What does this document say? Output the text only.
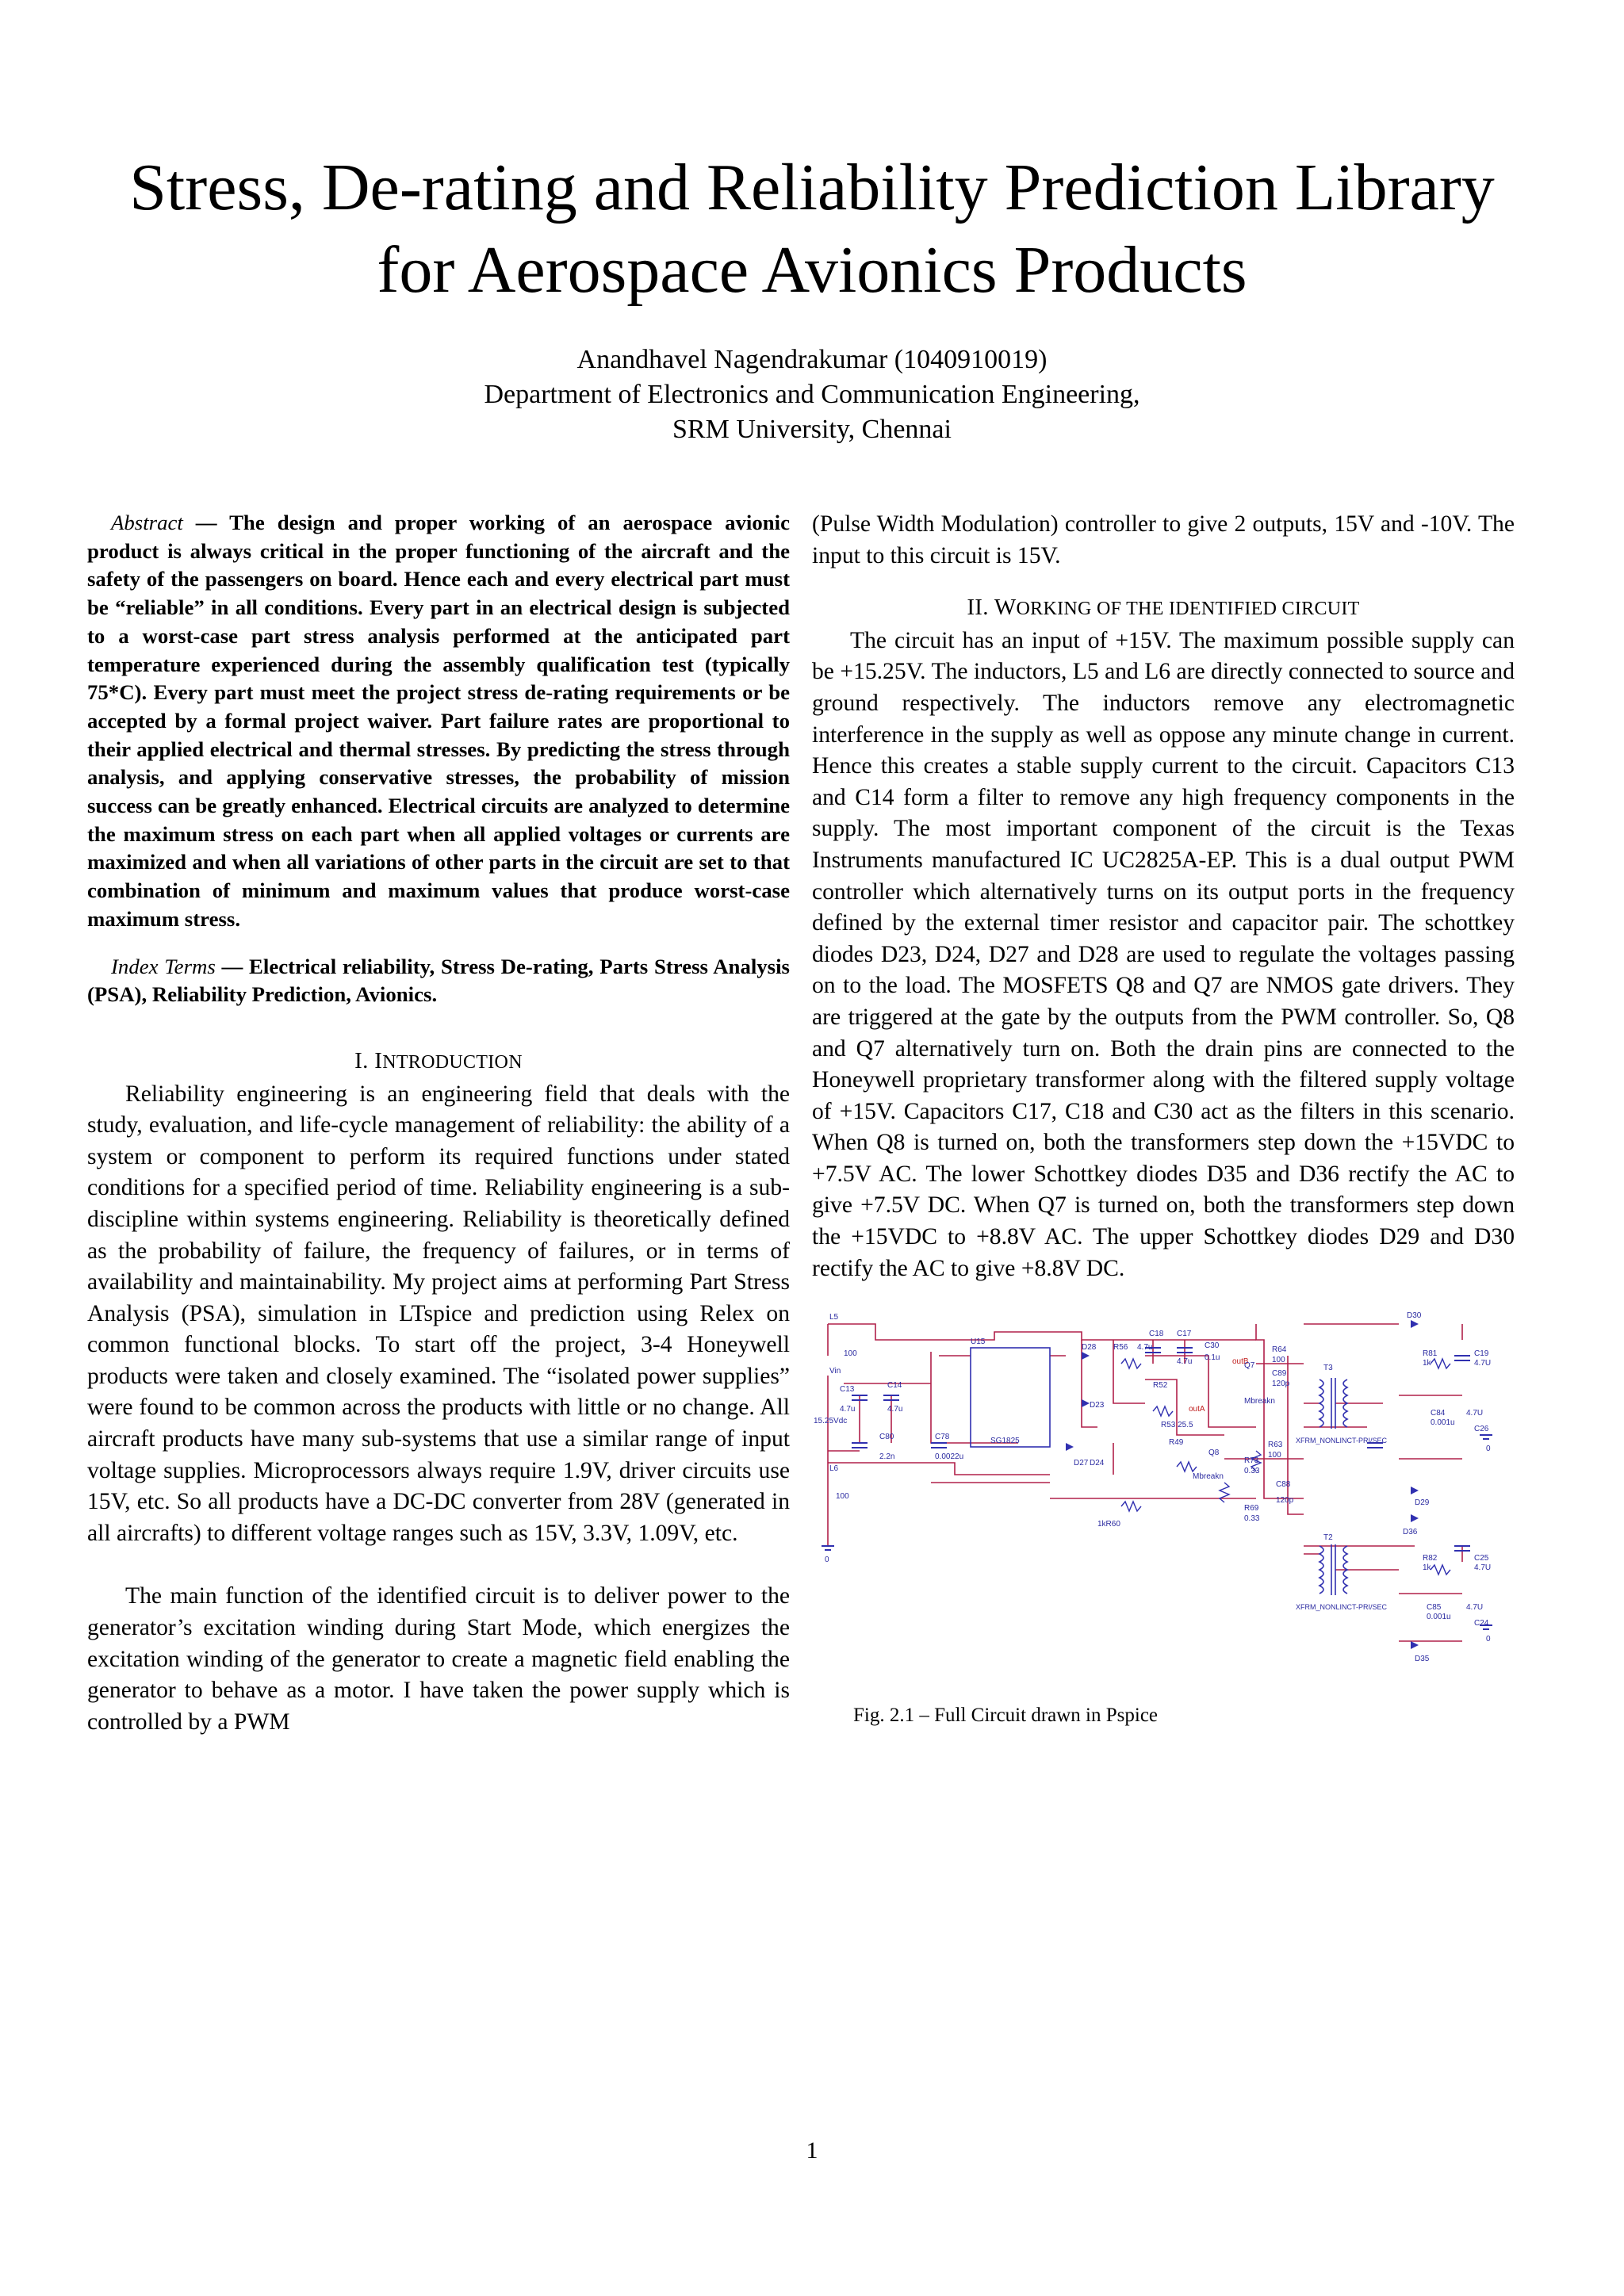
Stress, De-rating and Reliability Prediction Library
for Aerospace Avionics Products
Anandhavel Nagendrakumar (1040910019)
Department of Electronics and Communication Engineering,
SRM University, Chennai

Abstract — The design and proper working of an aerospace avionic product is always critical in the proper functioning of the aircraft and the safety of the passengers on board. Hence each and every electrical part must be “reliable” in all conditions. Every part in an electrical design is subjected to a worst-case part stress analysis performed at the anticipated part temperature experienced during the assembly qualification test (typically 75*C). Every part must meet the project stress de-rating requirements or be accepted by a formal project waiver. Part failure rates are proportional to their applied electrical and thermal stresses. By predicting the stress through analysis, and applying conservative stresses, the probability of mission success can be greatly enhanced. Electrical circuits are analyzed to determine the maximum stress on each part when all applied voltages or currents are maximized and when all variations of other parts in the circuit are set to that combination of minimum and maximum values that produce worst-case maximum stress.

Index Terms — Electrical reliability, Stress De-rating, Parts Stress Analysis (PSA), Reliability Prediction, Avionics.

I. INTRODUCTION

Reliability engineering is an engineering field that deals with the study, evaluation, and life-cycle management of reliability: the ability of a system or component to perform its required functions under stated conditions for a specified period of time. Reliability engineering is a sub-discipline within systems engineering. Reliability is theoretically defined as the probability of failure, the frequency of failures, or in terms of availability and maintainability. My project aims at performing Part Stress Analysis (PSA), simulation in LTspice and prediction using Relex on common functional blocks. To start off the project, 3-4 Honeywell products were taken and closely examined. The “isolated power supplies” were found to be common across the products with little or no change. All aircraft products have many sub-systems that use a similar range of input voltage supplies. Microprocessors always require 1.9V, driver circuits use 15V, etc. So all products have a DC-DC converter from 28V (generated in all aircrafts) to different voltage ranges such as 15V, 3.3V, 1.09V, etc.

The main function of the identified circuit is to deliver power to the generator’s excitation winding during Start Mode, which energizes the excitation winding of the generator to create a magnetic field enabling the generator to behave as a motor. I have taken the power supply which is controlled by a PWM

(Pulse Width Modulation) controller to give 2 outputs, 15V and -10V. The input to this circuit is 15V.

II. WORKING OF THE IDENTIFIED CIRCUIT

The circuit has an input of +15V. The maximum possible supply can be +15.25V. The inductors, L5 and L6 are directly connected to source and ground respectively. The inductors remove any electromagnetic interference in the supply as well as oppose any minute change in current. Hence this creates a stable supply current to the circuit. Capacitors C13 and C14 form a filter to remove any high frequency components in the supply. The most important component of the circuit is the Texas Instruments manufactured IC UC2825A-EP. This is a dual output PWM controller which alternatively turns on its output ports in the frequency defined by the external timer resistor and capacitor pair. The schottkey diodes D23, D24, D27 and D28 are used to regulate the voltages passing on to the load. The MOSFETS Q8 and Q7 are NMOS gate drivers. They are triggered at the gate by the outputs from the PWM controller. So, Q8 and Q7 alternatively turn on. Both the drain pins are connected to the Honeywell proprietary transformer along with the filtered supply voltage of +15V. Capacitors C17, C18 and C30 act as the filters in this scenario. When Q8 is turned on, both the transformers step down the +15VDC to +7.5V AC. The lower Schottkey diodes D35 and D36 rectify the AC to give +7.5V DC. When Q7 is turned on, both the transformers step down the +15VDC to +8.8V AC. The upper Schottkey diodes D29 and D30 rectify the AC to give +8.8V DC.

L5
100
Vin
15.25Vdc
C13
4.7u
C14
4.7u
C80
2.2n
C78
0.0022u
L6
100
0
U15
SG1825
D28
D23
D27 D24
R56 4.7u
C18 C17
4.7u
C30
0.1u
R52
R53 25.5
R49
outB
outA
Q7
Q8
Mbreakn
Mbreakn
R64
100
C89
120p
R63
100
C88
120p
R73
0.33
R69
0.33
T3
T2
XFRM_NONLINCT-PRI/SEC
XFRM_NONLINCT-PRI/SEC
D30
D29
D36
D35
R81
1k
C19
4.7U
C84
0.001u
4.7U
C26
R82
1k
C25
4.7U
C85
0.001u
4.7U
C24
1kR60
0
0

Fig. 2.1 – Full Circuit drawn in Pspice

1
